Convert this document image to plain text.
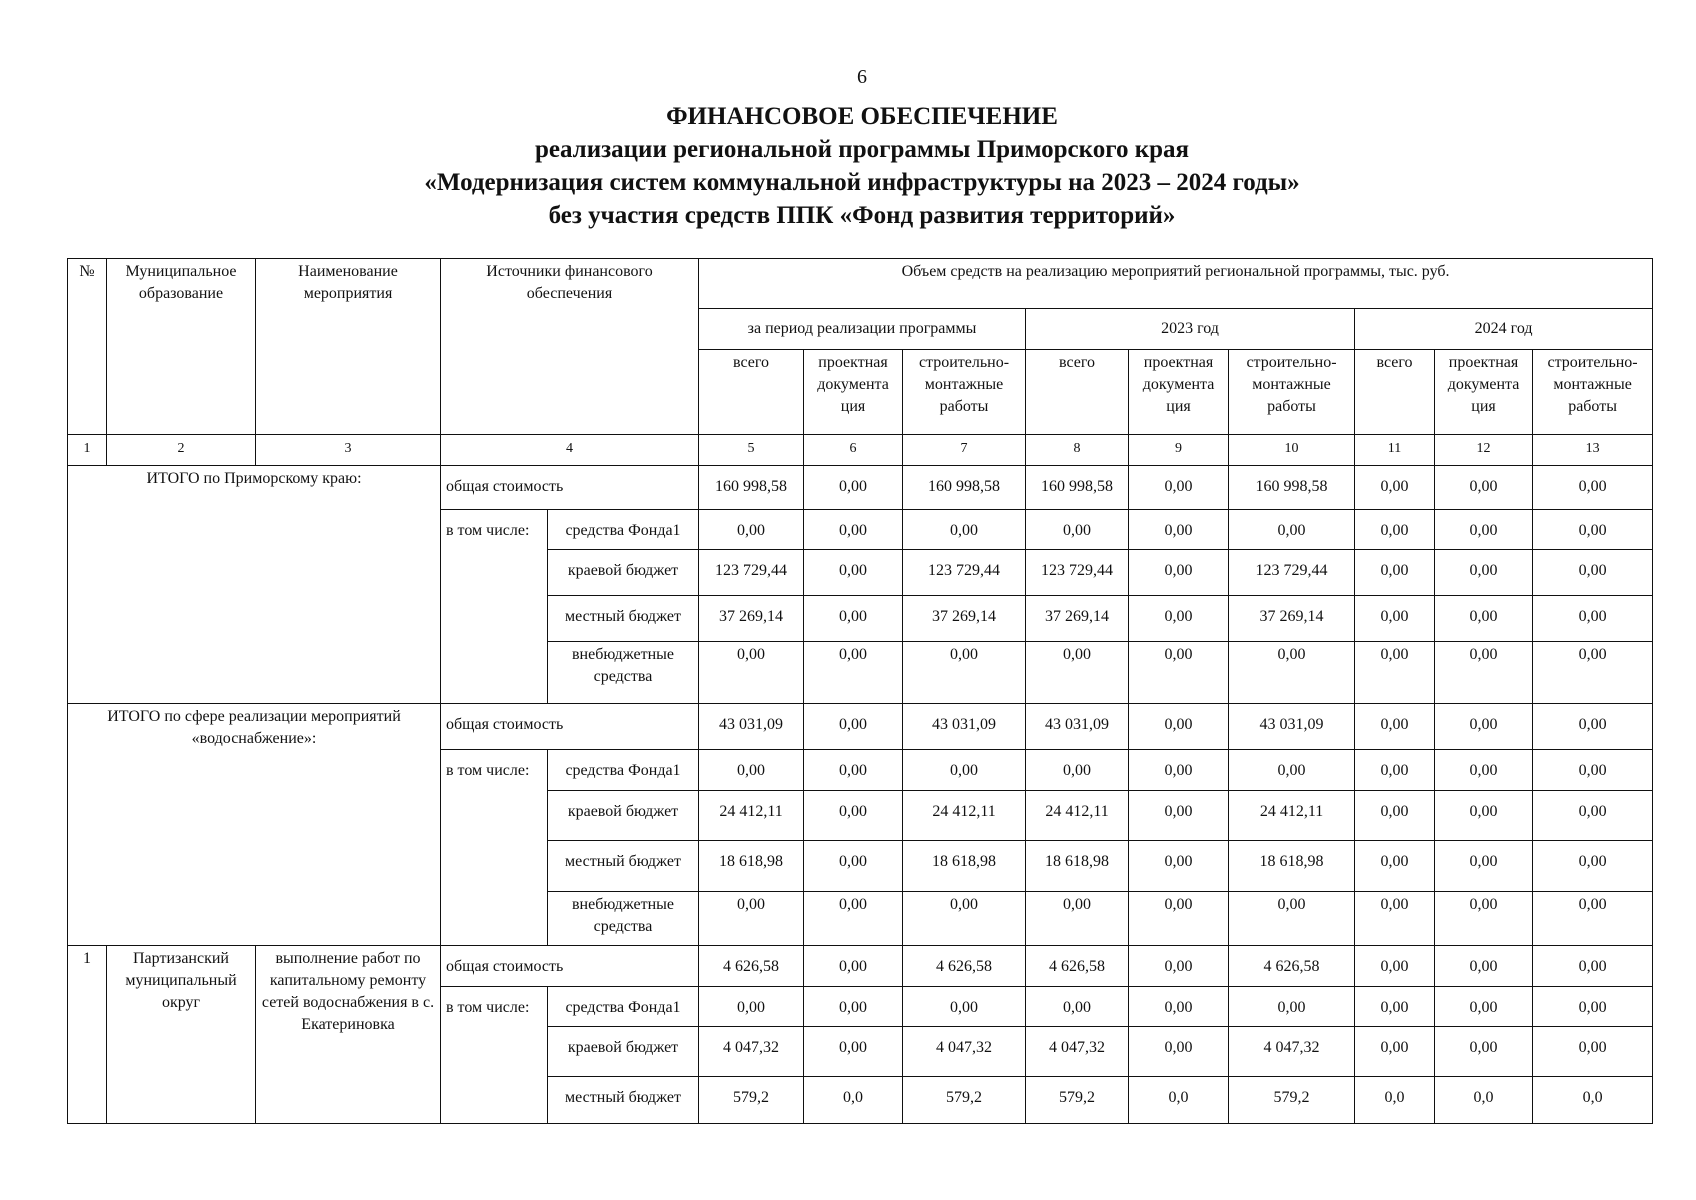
6
ФИНАНСОВОЕ ОБЕСПЕЧЕНИЕ
реализации региональной программы Приморского края
«Модернизация систем коммунальной инфраструктуры на 2023 – 2024 годы»
без участия средств ППК «Фонд развития территорий»
№	Муниципальное образование	Наименование мероприятия	Источники финансового обеспечения		Объем средств на реализацию мероприятий региональной программы, тыс. руб.								
					за период реализации программы			2023 год			2024 год		
					всего	проектная документа ция	строительно-монтажные работы	всего	проектная документа ция	строительно-монтажные работы	всего	проектная документа ция	строительно-монтажные работы
1	2	3	4		5	6	7	8	9	10	11	12	13
ИТОГО по Приморскому краю:			общая стоимость		160 998,58	0,00	160 998,58	160 998,58	0,00	160 998,58	0,00	0,00	0,00
			в том числе:	средства Фонда1	0,00	0,00	0,00	0,00	0,00	0,00	0,00	0,00	0,00
				краевой бюджет	123 729,44	0,00	123 729,44	123 729,44	0,00	123 729,44	0,00	0,00	0,00
				местный бюджет	37 269,14	0,00	37 269,14	37 269,14	0,00	37 269,14	0,00	0,00	0,00
				внебюджетные средства	0,00	0,00	0,00	0,00	0,00	0,00	0,00	0,00	0,00
ИТОГО по сфере реализации мероприятий «водоснабжение»:			общая стоимость		43 031,09	0,00	43 031,09	43 031,09	0,00	43 031,09	0,00	0,00	0,00
			в том числе:	средства Фонда1	0,00	0,00	0,00	0,00	0,00	0,00	0,00	0,00	0,00
				краевой бюджет	24 412,11	0,00	24 412,11	24 412,11	0,00	24 412,11	0,00	0,00	0,00
				местный бюджет	18 618,98	0,00	18 618,98	18 618,98	0,00	18 618,98	0,00	0,00	0,00
				внебюджетные средства	0,00	0,00	0,00	0,00	0,00	0,00	0,00	0,00	0,00
1	Партизанский муниципальный округ	выполнение работ по капитальному ремонту сетей водоснабжения в с. Екатериновка	общая стоимость		4 626,58	0,00	4 626,58	4 626,58	0,00	4 626,58	0,00	0,00	0,00
			в том числе:	средства Фонда1	0,00	0,00	0,00	0,00	0,00	0,00	0,00	0,00	0,00
				краевой бюджет	4 047,32	0,00	4 047,32	4 047,32	0,00	4 047,32	0,00	0,00	0,00
				местный бюджет	579,2	0,0	579,2	579,2	0,0	579,2	0,0	0,0	0,0
